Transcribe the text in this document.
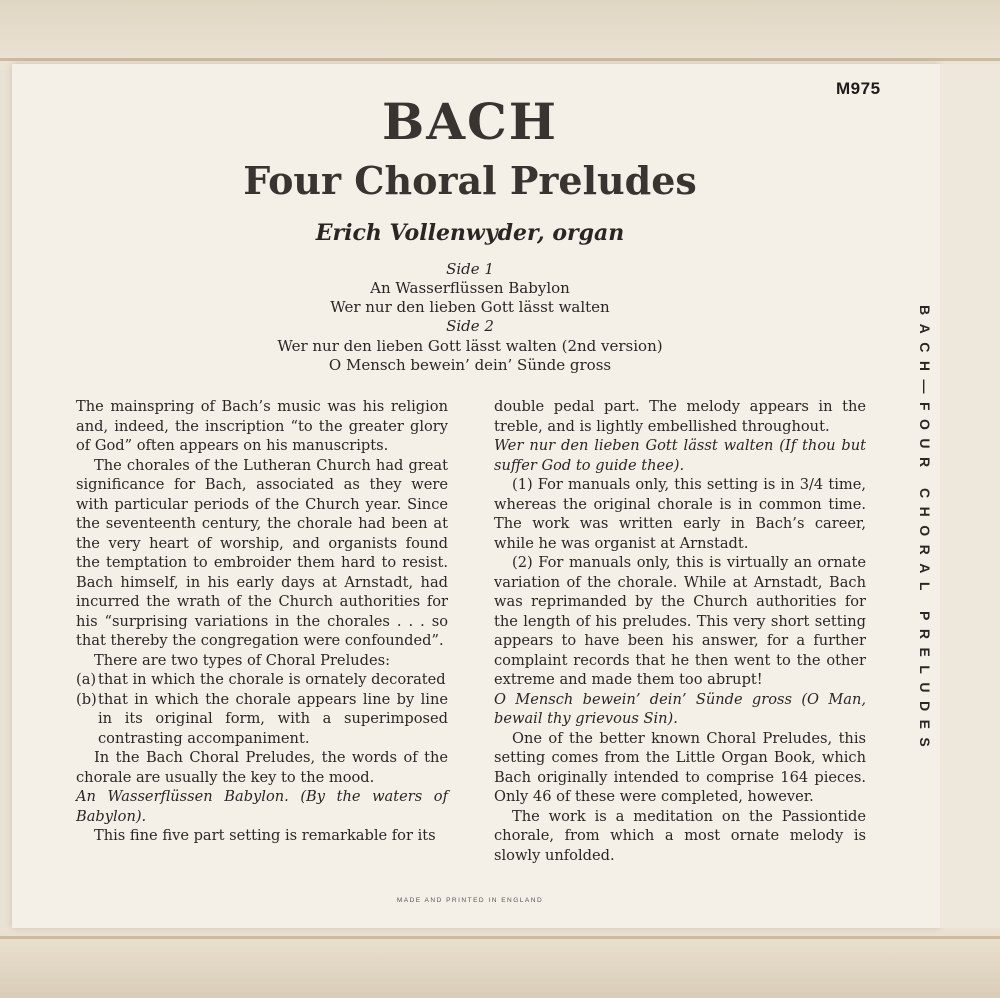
M975

BACH
Four Choral Preludes
Erich Vollenwyder, organ

Side 1

An Wasserflüssen Babylon

Wer nur den lieben Gott lässt walten

Side 2

Wer nur den lieben Gott lässt walten (2nd version)

O Mensch bewein’ dein’ Sünde gross

The mainspring of Bach’s music was his religion and, indeed, the inscription “to the greater glory of God” often appears on his manuscripts.

The chorales of the Lutheran Church had great significance for Bach, associated as they were with particular periods of the Church year. Since the seventeenth century, the chorale had been at the very heart of worship, and organists found the temptation to embroider them hard to resist. Bach himself, in his early days at Arnstadt, had incurred the wrath of the Church authorities for his “surprising variations in the chorales . . . so that thereby the congregation were confounded”.

There are two types of Choral Preludes:

(a) that in which the chorale is ornately decorated
(b) that in which the chorale appears line by line in its original form, with a superimposed contrasting accompaniment.

In the Bach Choral Preludes, the words of the chorale are usually the key to the mood.

An Wasserflüssen Babylon. (By the waters of Babylon).

This fine five part setting is remarkable for its

double pedal part. The melody appears in the treble, and is lightly embellished throughout.

Wer nur den lieben Gott lässt walten (If thou but suffer God to guide thee).

(1) For manuals only, this setting is in 3/4 time, whereas the original chorale is in common time. The work was written early in Bach’s career, while he was organist at Arnstadt.

(2) For manuals only, this is virtually an ornate variation of the chorale. While at Arnstadt, Bach was reprimanded by the Church authorities for the length of his preludes. This very short setting appears to have been his answer, for a further complaint records that he then went to the other extreme and made them too abrupt!

O Mensch bewein’ dein’ Sünde gross (O Man, bewail thy grievous Sin).

One of the better known Choral Preludes, this setting comes from the Little Organ Book, which Bach originally intended to comprise 164 pieces. Only 46 of these were completed, however.

The work is a meditation on the Passiontide chorale, from which a most ornate melody is slowly unfolded.

BACH—FOUR CHORAL PRELUDES

MADE AND PRINTED IN ENGLAND
